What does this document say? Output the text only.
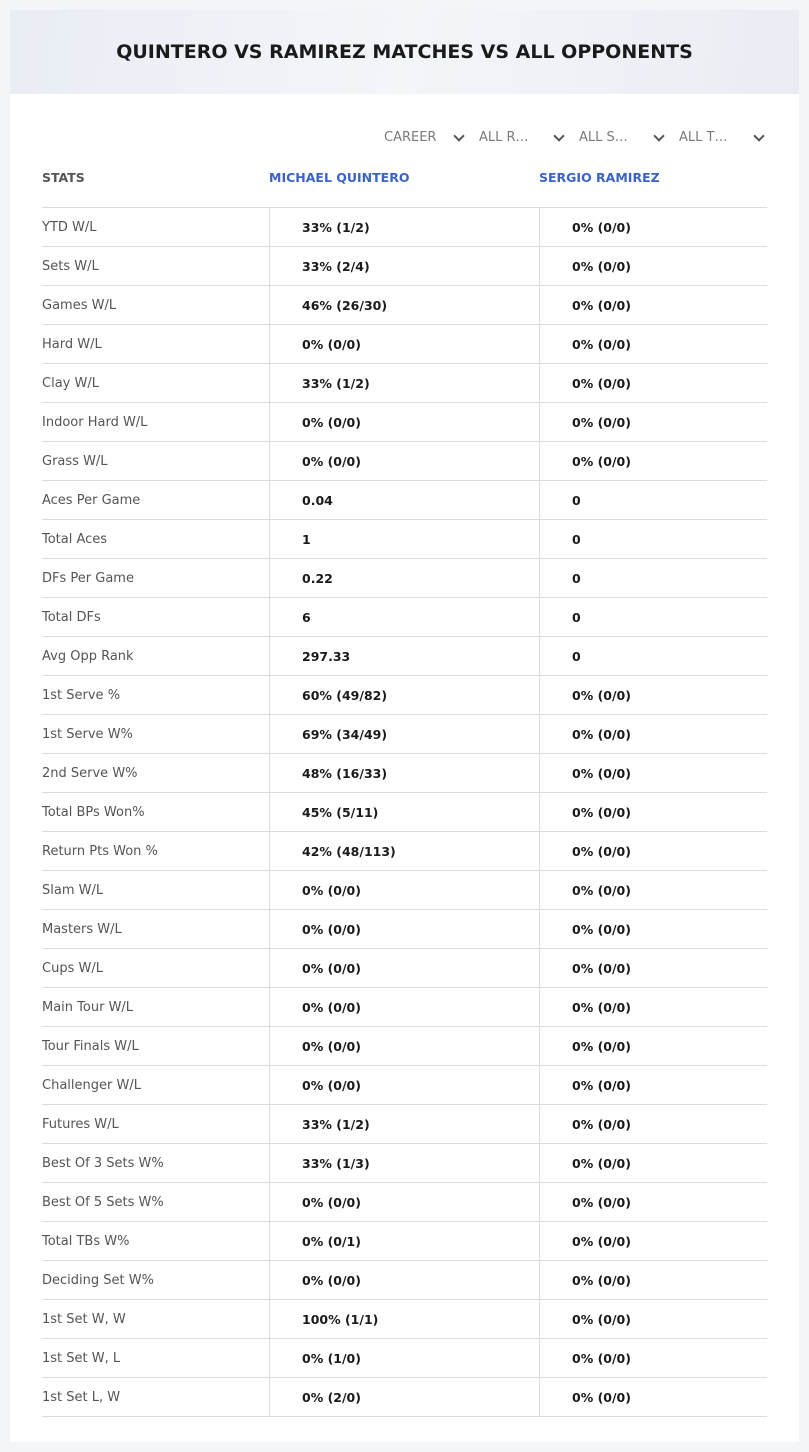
QUINTERO VS RAMIREZ MATCHES VS ALL OPPONENTS
CAREER	ALL R…	ALL S…	ALL T…
STATS	MICHAEL QUINTERO	SERGIO RAMIREZ
YTD W/L	33% (1/2)	0% (0/0)
Sets W/L	33% (2/4)	0% (0/0)
Games W/L	46% (26/30)	0% (0/0)
Hard W/L	0% (0/0)	0% (0/0)
Clay W/L	33% (1/2)	0% (0/0)
Indoor Hard W/L	0% (0/0)	0% (0/0)
Grass W/L	0% (0/0)	0% (0/0)
Aces Per Game	0.04	0
Total Aces	1	0
DFs Per Game	0.22	0
Total DFs	6	0
Avg Opp Rank	297.33	0
1st Serve %	60% (49/82)	0% (0/0)
1st Serve W%	69% (34/49)	0% (0/0)
2nd Serve W%	48% (16/33)	0% (0/0)
Total BPs Won%	45% (5/11)	0% (0/0)
Return Pts Won %	42% (48/113)	0% (0/0)
Slam W/L	0% (0/0)	0% (0/0)
Masters W/L	0% (0/0)	0% (0/0)
Cups W/L	0% (0/0)	0% (0/0)
Main Tour W/L	0% (0/0)	0% (0/0)
Tour Finals W/L	0% (0/0)	0% (0/0)
Challenger W/L	0% (0/0)	0% (0/0)
Futures W/L	33% (1/2)	0% (0/0)
Best Of 3 Sets W%	33% (1/3)	0% (0/0)
Best Of 5 Sets W%	0% (0/0)	0% (0/0)
Total TBs W%	0% (0/1)	0% (0/0)
Deciding Set W%	0% (0/0)	0% (0/0)
1st Set W, W	100% (1/1)	0% (0/0)
1st Set W, L	0% (1/0)	0% (0/0)
1st Set L, W	0% (2/0)	0% (0/0)
